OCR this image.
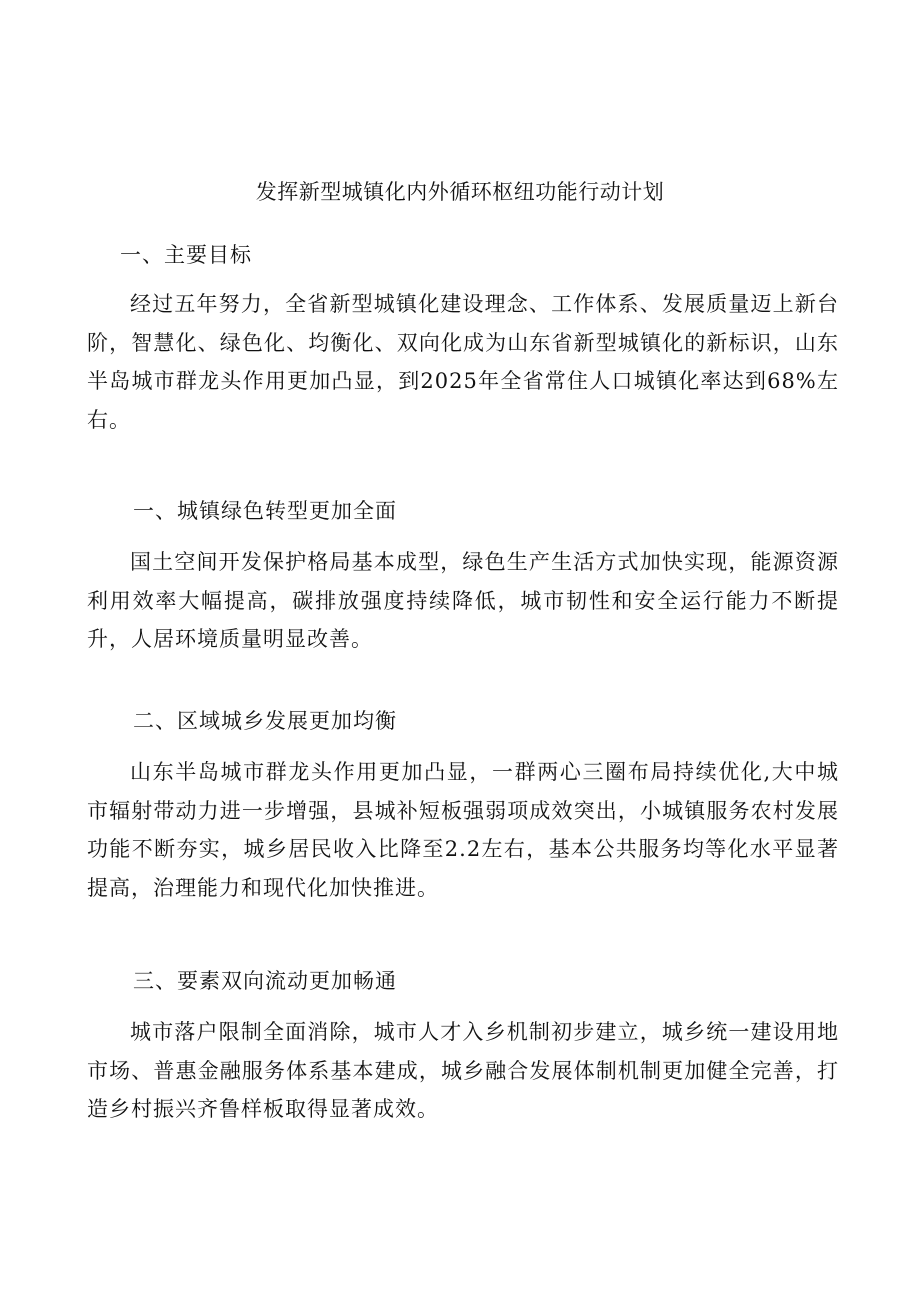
发挥新型城镇化内外循环枢纽功能行动计划
一、主要目标

经过五年努力，全省新型城镇化建设理念、工作体系、发展质量迈上新台阶，智慧化、绿色化、均衡化、双向化成为山东省新型城镇化的新标识，山东半岛城市群龙头作用更加凸显，到2025年全省常住人口城镇化率达到68%左右。

一、城镇绿色转型更加全面

国土空间开发保护格局基本成型，绿色生产生活方式加快实现，能源资源利用效率大幅提高，碳排放强度持续降低，城市韧性和安全运行能力不断提升，人居环境质量明显改善。

二、区域城乡发展更加均衡

山东半岛城市群龙头作用更加凸显，一群两心三圈布局持续优化,大中城市辐射带动力进一步增强，县城补短板强弱项成效突出，小城镇服务农村发展功能不断夯实，城乡居民收入比降至2.2左右，基本公共服务均等化水平显著提高，治理能力和现代化加快推进。

三、要素双向流动更加畅通

城市落户限制全面消除，城市人才入乡机制初步建立，城乡统一建设用地市场、普惠金融服务体系基本建成，城乡融合发展体制机制更加健全完善，打造乡村振兴齐鲁样板取得显著成效。
